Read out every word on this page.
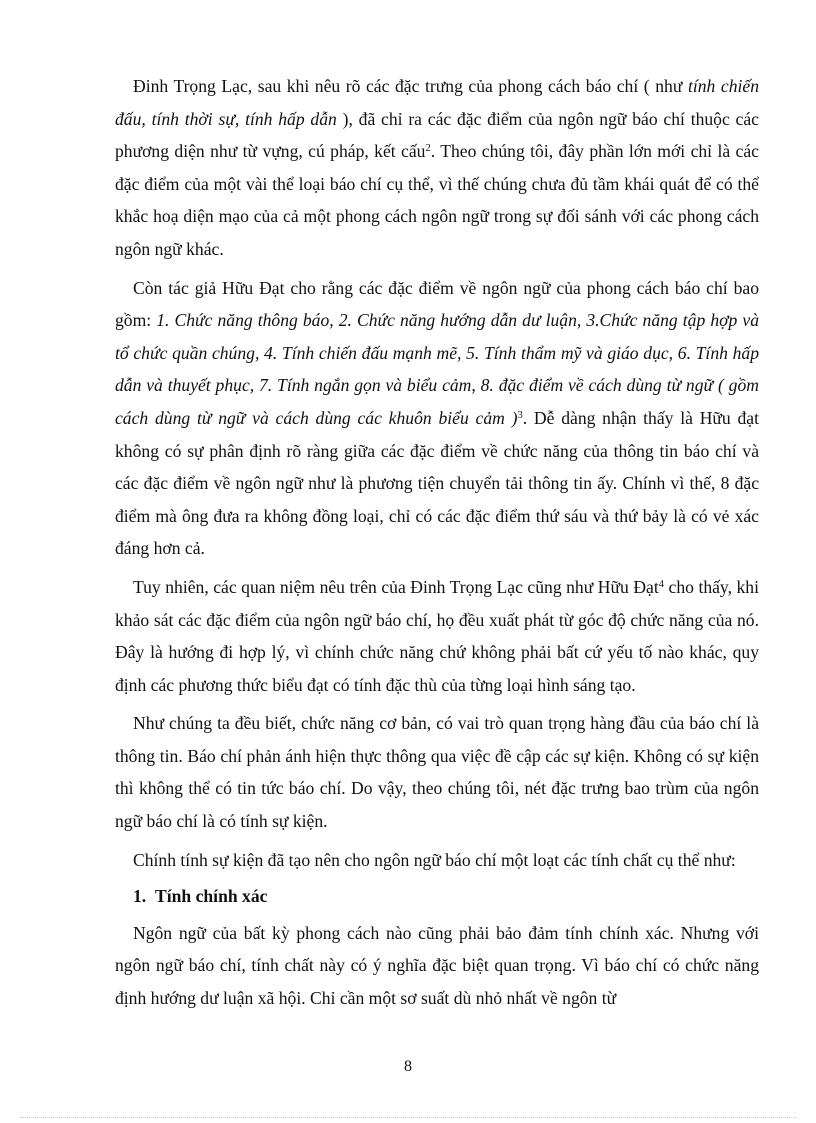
Đinh Trọng Lạc, sau khi nêu rõ các đặc trưng của phong cách báo chí ( như tính chiến đấu, tính thời sự, tính hấp dẫn ), đã chỉ ra các đặc điểm của ngôn ngữ báo chí thuộc các phương diện như từ vựng, cú pháp, kết cấu$^2$. Theo chúng tôi, đây phần lớn mới chỉ là các đặc điểm của một vài thể loại báo chí cụ thể, vì thế chúng chưa đủ tầm khái quát để có thể khắc hoạ diện mạo của cả một phong cách ngôn ngữ trong sự đối sánh với các phong cách ngôn ngữ khác.

Còn tác giả Hữu Đạt cho rằng các đặc điểm về ngôn ngữ của phong cách báo chí bao gồm: 1. Chức năng thông báo, 2. Chức năng hướng dẫn dư luận, 3.Chức năng tập hợp và tổ chức quần chúng, 4. Tính chiến đấu mạnh mẽ, 5. Tính thẩm mỹ và giáo dục, 6. Tính hấp dẫn và thuyết phục, 7. Tính ngắn gọn và biểu cảm, 8. đặc điểm về cách dùng từ ngữ ( gồm cách dùng từ ngữ và cách dùng các khuôn biểu cảm )$^3$. Dễ dàng nhận thấy là Hữu đạt không có sự phân định rõ ràng giữa các đặc điểm về chức năng của thông tin báo chí và các đặc điểm về ngôn ngữ như là phương tiện chuyển tải thông tin ấy. Chính vì thế, 8 đặc điểm mà ông đưa ra không đồng loại, chỉ có các đặc điểm thứ sáu và thứ bảy là có vẻ xác đáng hơn cả.

Tuy nhiên, các quan niệm nêu trên của Đinh Trọng Lạc cũng như Hữu Đạt$^4$ cho thấy, khi khảo sát các đặc điểm của ngôn ngữ báo chí, họ đều xuất phát từ góc độ chức năng của nó. Đây là hướng đi hợp lý, vì chính chức năng chứ không phải bất cứ yếu tố nào khác, quy định các phương thức biểu đạt có tính đặc thù của từng loại hình sáng tạo.

Như chúng ta đều biết, chức năng cơ bản, có vai trò quan trọng hàng đầu của báo chí là thông tin. Báo chí phản ánh hiện thực thông qua việc đề cập các sự kiện. Không có sự kiện thì không thể có tin tức báo chí. Do vậy, theo chúng tôi, nét đặc trưng bao trùm của ngôn ngữ báo chí là có tính sự kiện.

Chính tính sự kiện đã tạo nên cho ngôn ngữ báo chí một loạt các tính chất cụ thể như:

1. Tính chính xác

Ngôn ngữ của bất kỳ phong cách nào cũng phải bảo đảm tính chính xác. Nhưng với ngôn ngữ báo chí, tính chất này có ý nghĩa đặc biệt quan trọng. Vì báo chí có chức năng định hướng dư luận xã hội. Chỉ cần một sơ suất dù nhỏ nhất về ngôn từ

8
